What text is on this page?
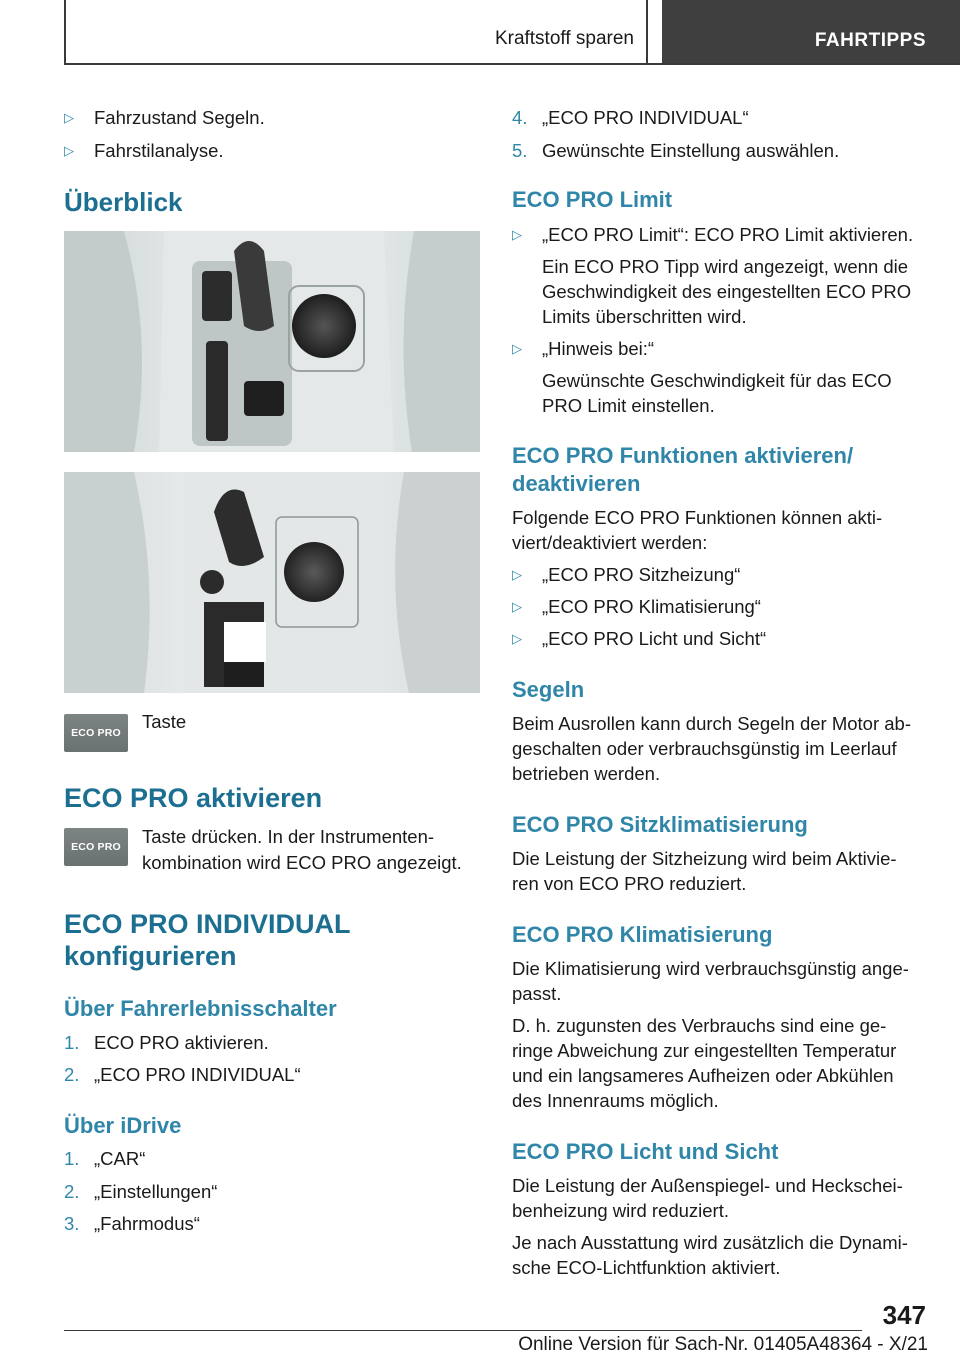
Kraftstoff sparen	FAHRTIPPS
▷ Fahrzustand Segeln.
▷ Fahrstilanalyse.
Überblick
ECO PRO
Taste
ECO PRO aktivieren
ECO PRO Taste drücken. In der Instrumenten-
kombination wird ECO PRO angezeigt.
ECO PRO INDIVIDUAL
konfigurieren
Über Fahrerlebnisschalter
1. ECO PRO aktivieren.
2. „ECO PRO INDIVIDUAL“
Über iDrive
1. „CAR“
2. „Einstellungen“
3. „Fahrmodus“
4. „ECO PRO INDIVIDUAL“
5. Gewünschte Einstellung auswählen.
ECO PRO Limit
▷ „ECO PRO Limit“: ECO PRO Limit aktivieren.
Ein ECO PRO Tipp wird angezeigt, wenn die
Geschwindigkeit des eingestellten ECO PRO
Limits überschritten wird.
▷ „Hinweis bei:“
Gewünschte Geschwindigkeit für das ECO
PRO Limit einstellen.
ECO PRO Funktionen aktivieren/
deaktivieren
Folgende ECO PRO Funktionen können akti-
viert/deaktiviert werden:
▷ „ECO PRO Sitzheizung“
▷ „ECO PRO Klimatisierung“
▷ „ECO PRO Licht und Sicht“
Segeln
Beim Ausrollen kann durch Segeln der Motor ab-
geschalten oder verbrauchsgünstig im Leerlauf
betrieben werden.
ECO PRO Sitzklimatisierung
Die Leistung der Sitzheizung wird beim Aktivie-
ren von ECO PRO reduziert.
ECO PRO Klimatisierung
Die Klimatisierung wird verbrauchsgünstig ange-
passt.
D. h. zugunsten des Verbrauchs sind eine ge-
ringe Abweichung zur eingestellten Temperatur
und ein langsameres Aufheizen oder Abkühlen
des Innenraums möglich.
ECO PRO Licht und Sicht
Die Leistung der Außenspiegel- und Heckschei-
benheizung wird reduziert.
Je nach Ausstattung wird zusätzlich die Dynami-
sche ECO-Lichtfunktion aktiviert.
347
Online Version für Sach-Nr. 01405A48364 - X/21
